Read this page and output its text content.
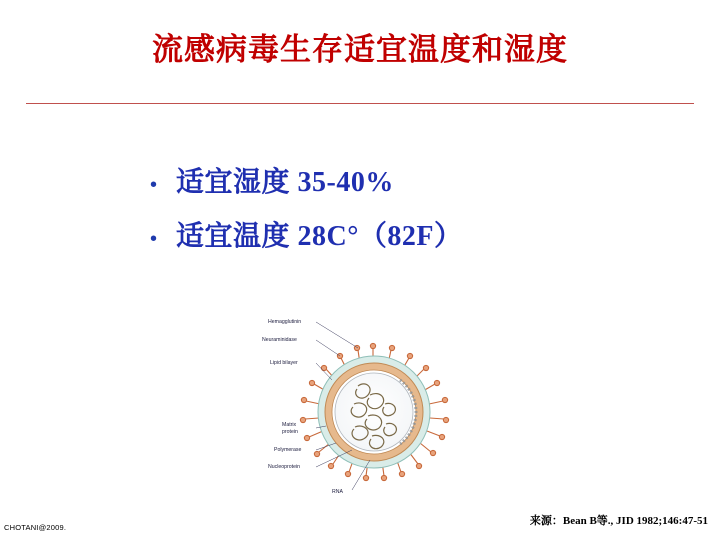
流感病毒生存适宜温度和湿度
• 适宜湿度 35-40%
• 适宜温度 28C°（82F）
Hemagglutinin
Neuraminidase
Lipid bilayer
Matrix
protein
Polymerase
Nucleoprotein
RNA
CHOTANI@2009.
来源：Bean B等., JID 1982;146:47-51
